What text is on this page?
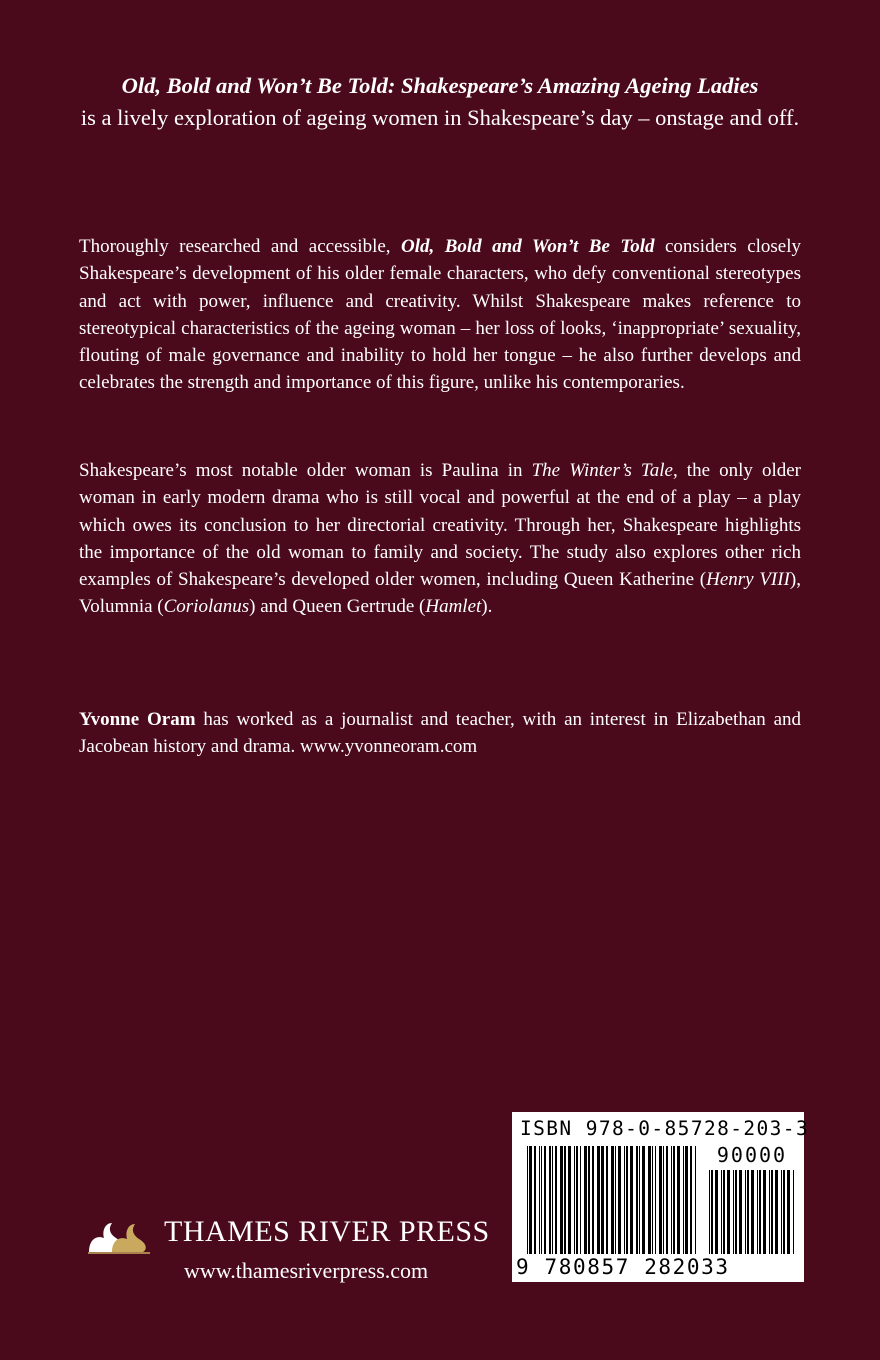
Old, Bold and Won’t Be Told: Shakespeare’s Amazing Ageing Ladies
is a lively exploration of ageing women in Shakespeare’s day – onstage and off.

Thoroughly researched and accessible, Old, Bold and Won’t Be Told considers closely Shakespeare’s development of his older female characters, who defy conventional stereotypes and act with power, influence and creativity. Whilst Shakespeare makes reference to stereotypical characteristics of the ageing woman – her loss of looks, ‘inappropriate’ sexuality, flouting of male governance and inability to hold her tongue – he also further develops and celebrates the strength and importance of this figure, unlike his contemporaries.

Shakespeare’s most notable older woman is Paulina in The Winter’s Tale, the only older woman in early modern drama who is still vocal and powerful at the end of a play – a play which owes its conclusion to her directorial creativity. Through her, Shakespeare highlights the importance of the old woman to family and society. The study also explores other rich examples of Shakespeare’s developed older women, including Queen Katherine (Henry VIII), Volumnia (Coriolanus) and Queen Gertrude (Hamlet).

Yvonne Oram has worked as a journalist and teacher, with an interest in Elizabethan and Jacobean history and drama. www.yvonneoram.com

THAMES RIVER PRESS
www.thamesriverpress.com
ISBN 978-0-85728-203-3
90000
9 780857 282033
